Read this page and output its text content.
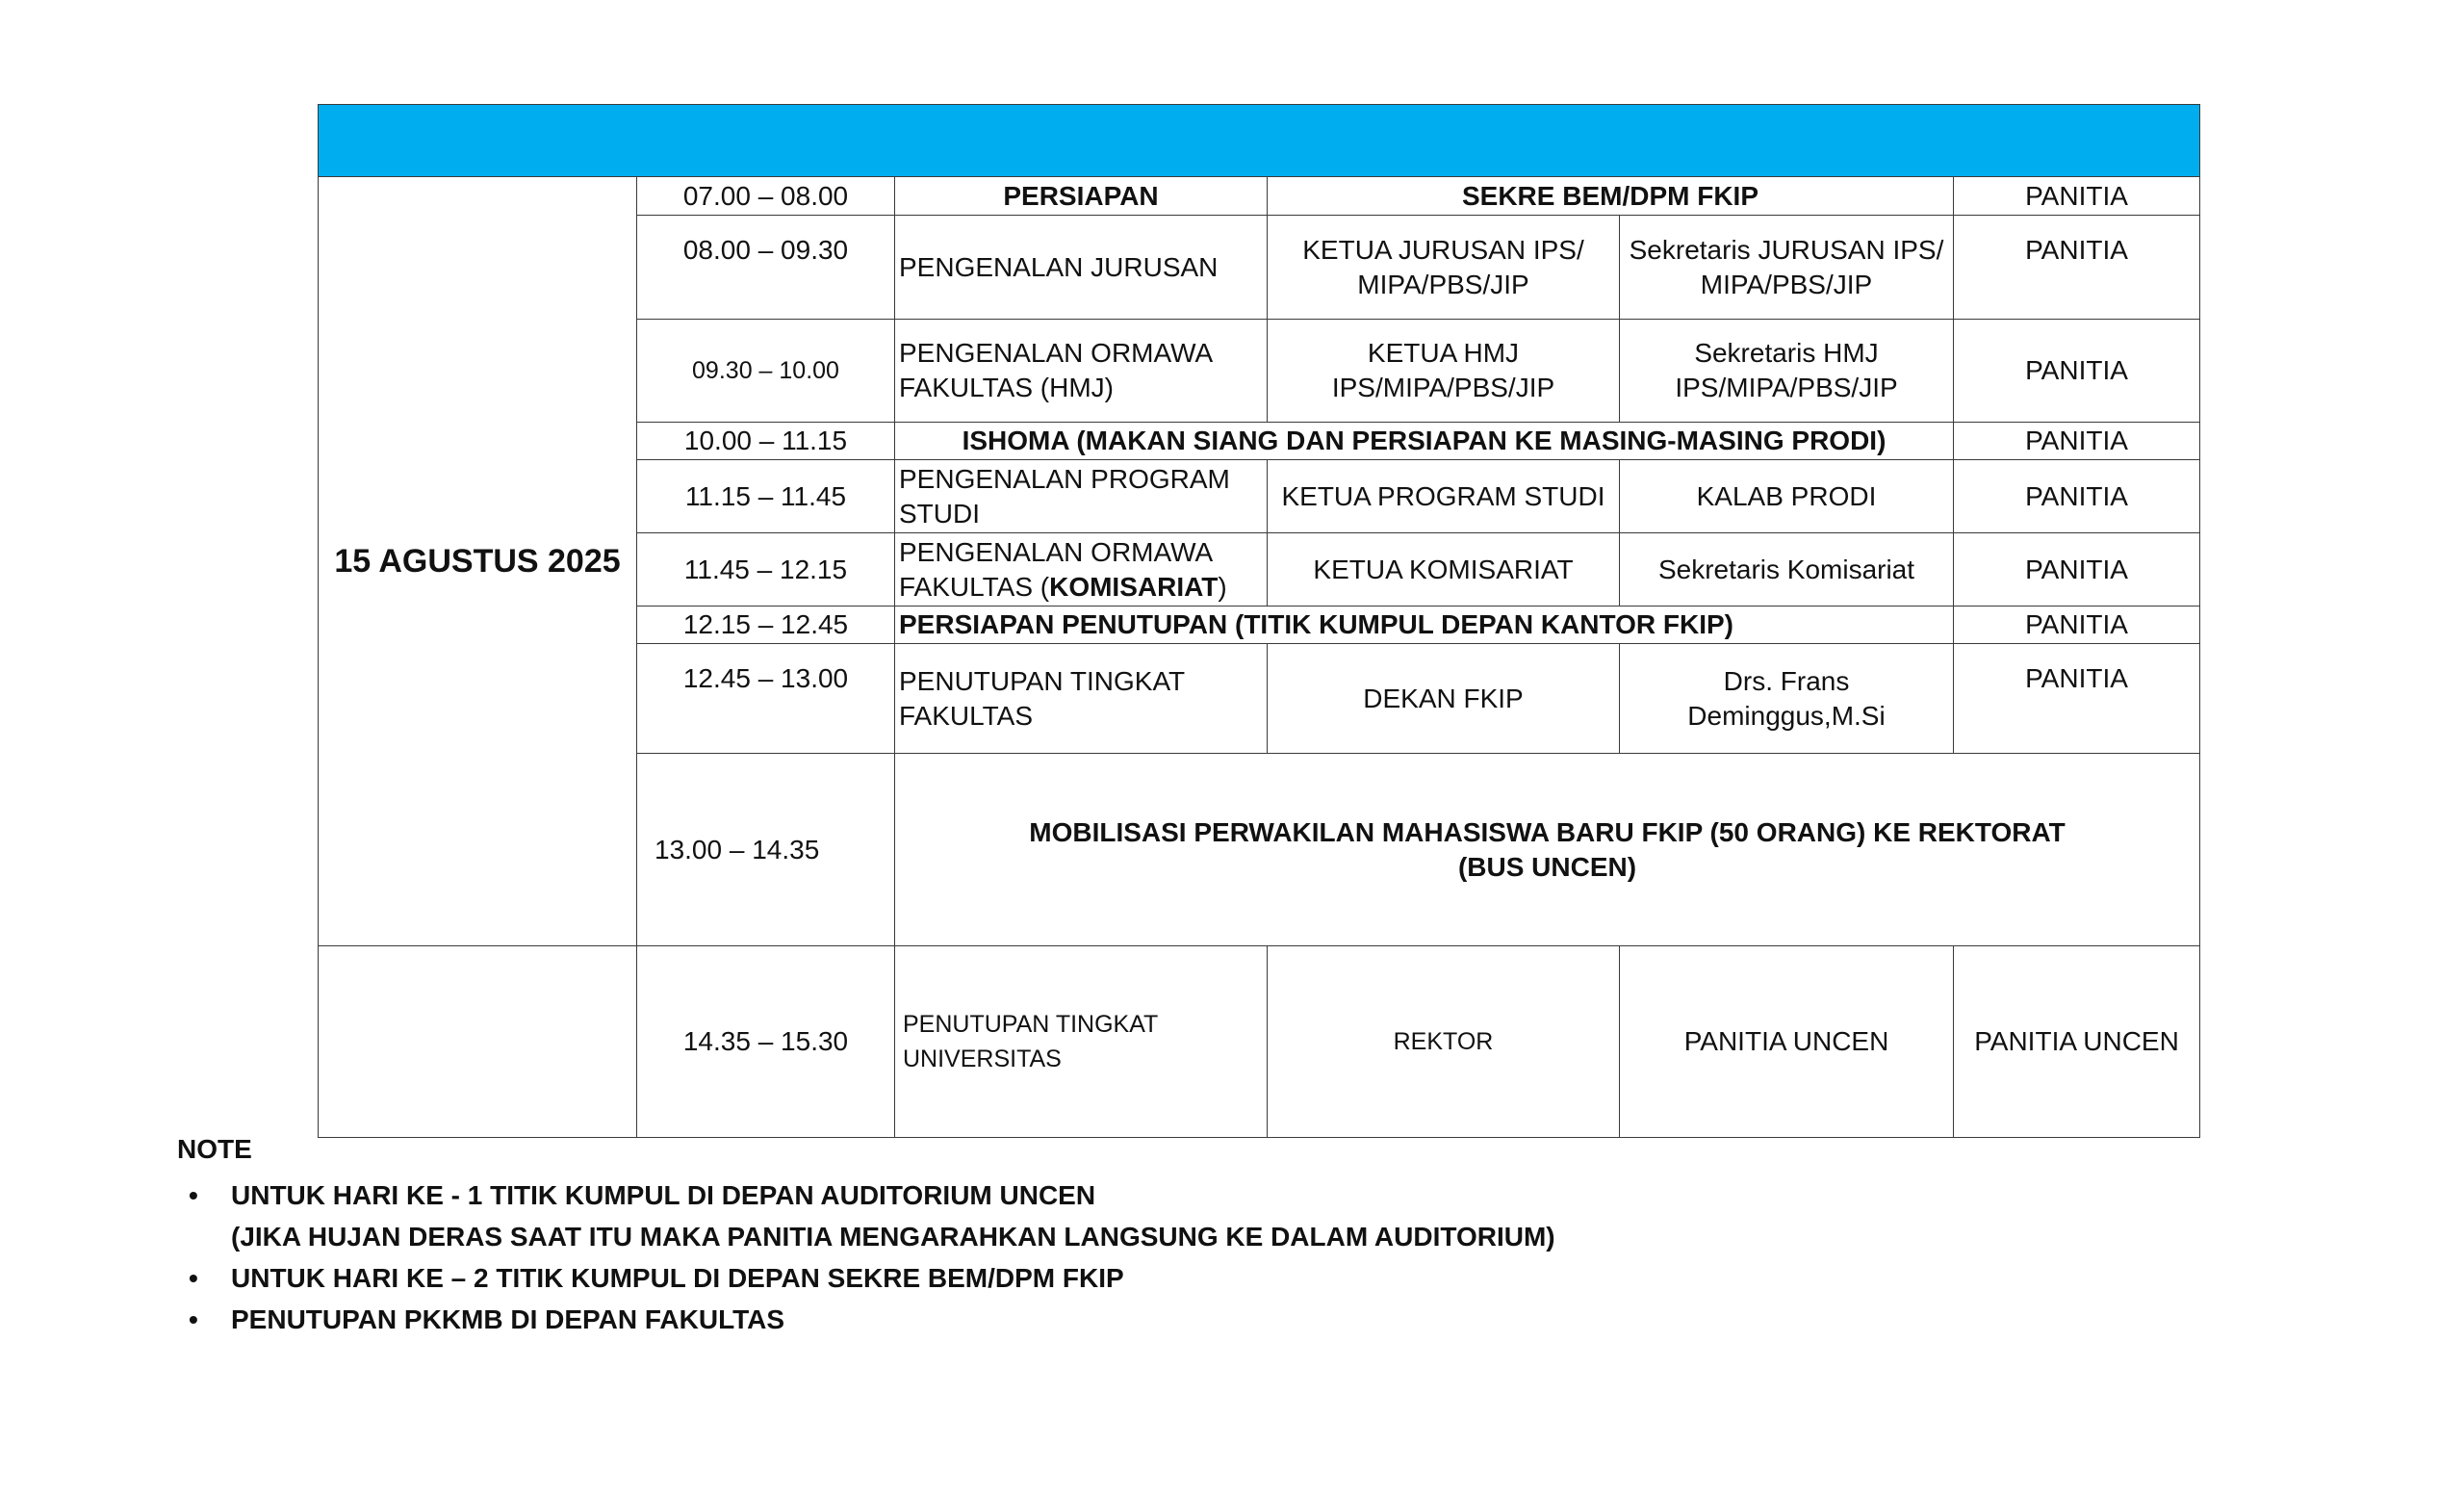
15 AGUSTUS 2025	07.00 – 08.00	PERSIAPAN	SEKRE BEM/DPM FKIP		PANITIA
	08.00 – 09.30	PENGENALAN JURUSAN	KETUA JURUSAN IPS/ MIPA/PBS/JIP	Sekretaris JURUSAN IPS/ MIPA/PBS/JIP	PANITIA
	09.30 – 10.00	PENGENALAN ORMAWA FAKULTAS (HMJ)	KETUA HMJ IPS/MIPA/PBS/JIP	Sekretaris HMJ IPS/MIPA/PBS/JIP	PANITIA
	10.00 – 11.15	ISHOMA (MAKAN SIANG DAN PERSIAPAN KE MASING-MASING PRODI)			PANITIA
	11.15 – 11.45	PENGENALAN PROGRAM STUDI	KETUA PROGRAM STUDI	KALAB PRODI	PANITIA
	11.45 – 12.15	PENGENALAN ORMAWA FAKULTAS (KOMISARIAT)	KETUA KOMISARIAT	Sekretaris Komisariat	PANITIA
	12.15 – 12.45	PERSIAPAN PENUTUPAN (TITIK KUMPUL DEPAN KANTOR FKIP)			PANITIA
	12.45 – 13.00	PENUTUPAN TINGKAT FAKULTAS	DEKAN FKIP	Drs. Frans Deminggus,M.Si	PANITIA
	13.00 – 14.35	MOBILISASI PERWAKILAN MAHASISWA BARU FKIP (50 ORANG) KE REKTORAT
(BUS UNCEN)			

	14.35 – 15.30	PENUTUPAN TINGKAT UNIVERSITAS	REKTOR	PANITIA UNCEN	PANITIA UNCEN
NOTE
• UNTUK HARI KE - 1 TITIK KUMPUL DI DEPAN AUDITORIUM UNCEN
(JIKA HUJAN DERAS SAAT ITU MAKA PANITIA MENGARAHKAN LANGSUNG KE DALAM AUDITORIUM)
• UNTUK HARI KE – 2 TITIK KUMPUL DI DEPAN SEKRE BEM/DPM FKIP
• PENUTUPAN PKKMB DI DEPAN FAKULTAS
